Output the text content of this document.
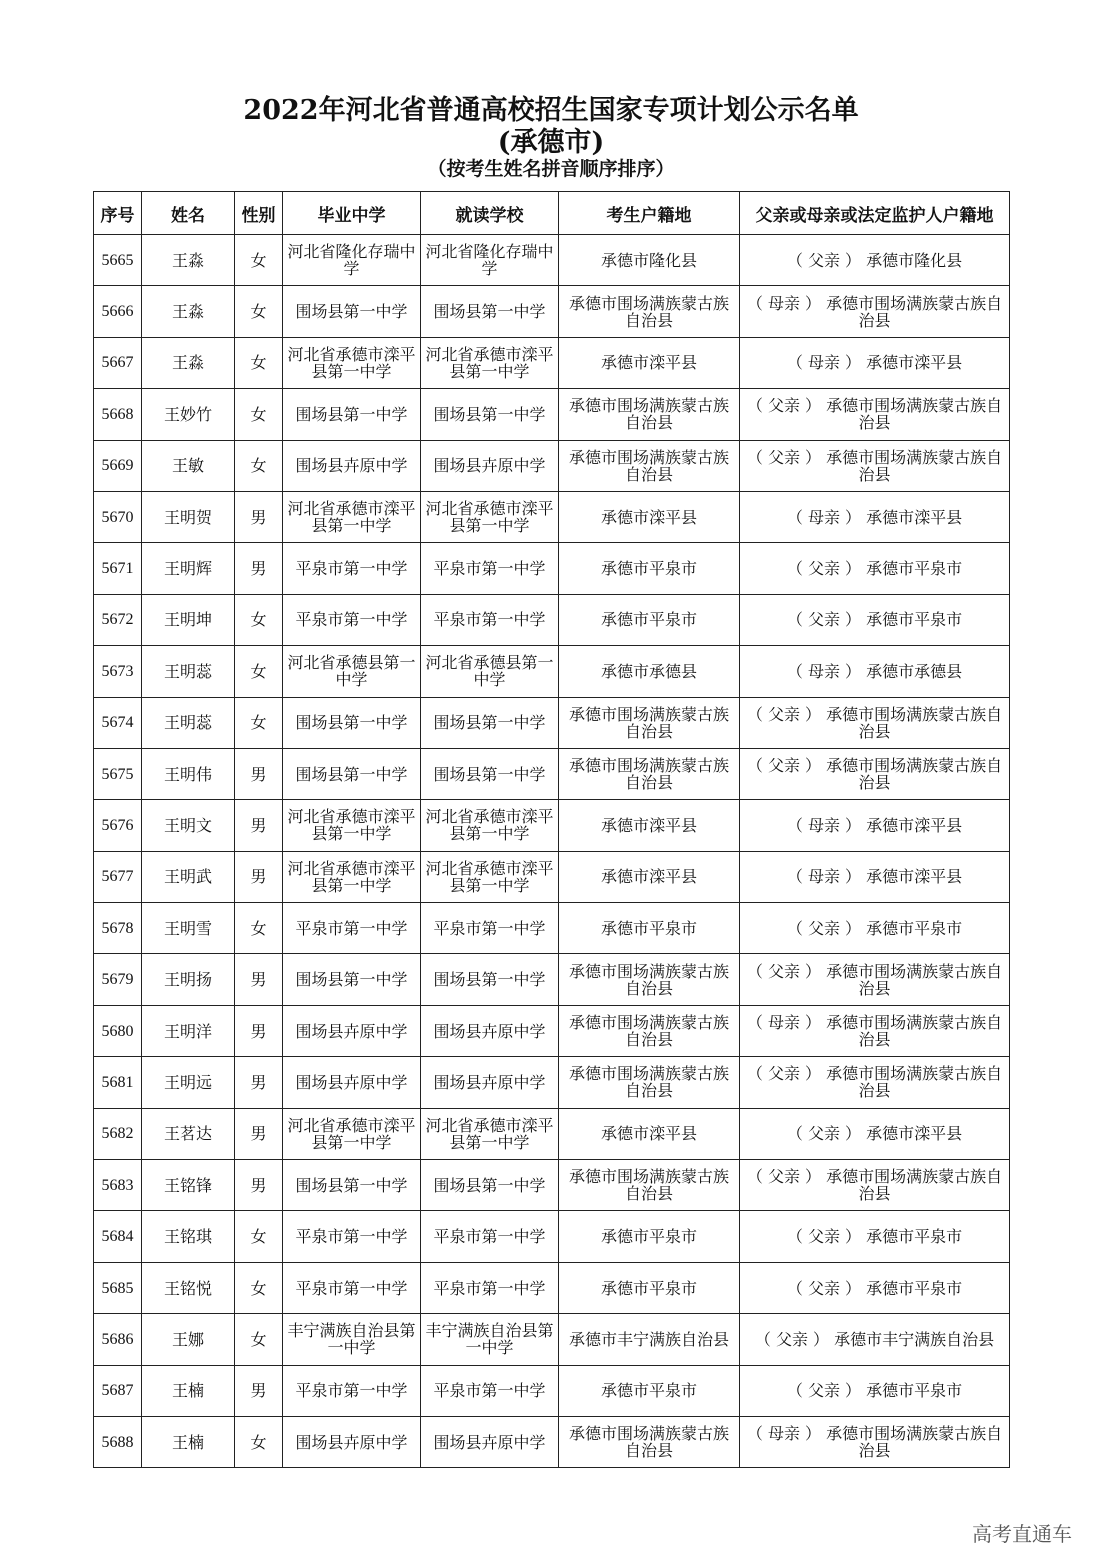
2022年河北省普通高校招生国家专项计划公示名单
(承德市)
（按考生姓名拼音顺序排序）
序号	姓名	性别	毕业中学	就读学校	考生户籍地	父亲或母亲或法定监护人户籍地
5665	王淼	女	河北省隆化存瑞中学	河北省隆化存瑞中学	承德市隆化县	（ 父亲 ） 承德市隆化县
5666	王淼	女	围场县第一中学	围场县第一中学	承德市围场满族蒙古族自治县	（ 母亲 ） 承德市围场满族蒙古族自治县
5667	王淼	女	河北省承德市滦平县第一中学	河北省承德市滦平县第一中学	承德市滦平县	（ 母亲 ） 承德市滦平县
5668	王妙竹	女	围场县第一中学	围场县第一中学	承德市围场满族蒙古族自治县	（ 父亲 ） 承德市围场满族蒙古族自治县
5669	王敏	女	围场县卉原中学	围场县卉原中学	承德市围场满族蒙古族自治县	（ 父亲 ） 承德市围场满族蒙古族自治县
5670	王明贺	男	河北省承德市滦平县第一中学	河北省承德市滦平县第一中学	承德市滦平县	（ 母亲 ） 承德市滦平县
5671	王明辉	男	平泉市第一中学	平泉市第一中学	承德市平泉市	（ 父亲 ） 承德市平泉市
5672	王明坤	女	平泉市第一中学	平泉市第一中学	承德市平泉市	（ 父亲 ） 承德市平泉市
5673	王明蕊	女	河北省承德县第一中学	河北省承德县第一中学	承德市承德县	（ 母亲 ） 承德市承德县
5674	王明蕊	女	围场县第一中学	围场县第一中学	承德市围场满族蒙古族自治县	（ 父亲 ） 承德市围场满族蒙古族自治县
5675	王明伟	男	围场县第一中学	围场县第一中学	承德市围场满族蒙古族自治县	（ 父亲 ） 承德市围场满族蒙古族自治县
5676	王明文	男	河北省承德市滦平县第一中学	河北省承德市滦平县第一中学	承德市滦平县	（ 母亲 ） 承德市滦平县
5677	王明武	男	河北省承德市滦平县第一中学	河北省承德市滦平县第一中学	承德市滦平县	（ 母亲 ） 承德市滦平县
5678	王明雪	女	平泉市第一中学	平泉市第一中学	承德市平泉市	（ 父亲 ） 承德市平泉市
5679	王明扬	男	围场县第一中学	围场县第一中学	承德市围场满族蒙古族自治县	（ 父亲 ） 承德市围场满族蒙古族自治县
5680	王明洋	男	围场县卉原中学	围场县卉原中学	承德市围场满族蒙古族自治县	（ 母亲 ） 承德市围场满族蒙古族自治县
5681	王明远	男	围场县卉原中学	围场县卉原中学	承德市围场满族蒙古族自治县	（ 父亲 ） 承德市围场满族蒙古族自治县
5682	王茗达	男	河北省承德市滦平县第一中学	河北省承德市滦平县第一中学	承德市滦平县	（ 父亲 ） 承德市滦平县
5683	王铭锋	男	围场县第一中学	围场县第一中学	承德市围场满族蒙古族自治县	（ 父亲 ） 承德市围场满族蒙古族自治县
5684	王铭琪	女	平泉市第一中学	平泉市第一中学	承德市平泉市	（ 父亲 ） 承德市平泉市
5685	王铭悦	女	平泉市第一中学	平泉市第一中学	承德市平泉市	（ 父亲 ） 承德市平泉市
5686	王娜	女	丰宁满族自治县第一中学	丰宁满族自治县第一中学	承德市丰宁满族自治县	（ 父亲 ） 承德市丰宁满族自治县
5687	王楠	男	平泉市第一中学	平泉市第一中学	承德市平泉市	（ 父亲 ） 承德市平泉市
5688	王楠	女	围场县卉原中学	围场县卉原中学	承德市围场满族蒙古族自治县	（ 母亲 ） 承德市围场满族蒙古族自治县
高考直通车
